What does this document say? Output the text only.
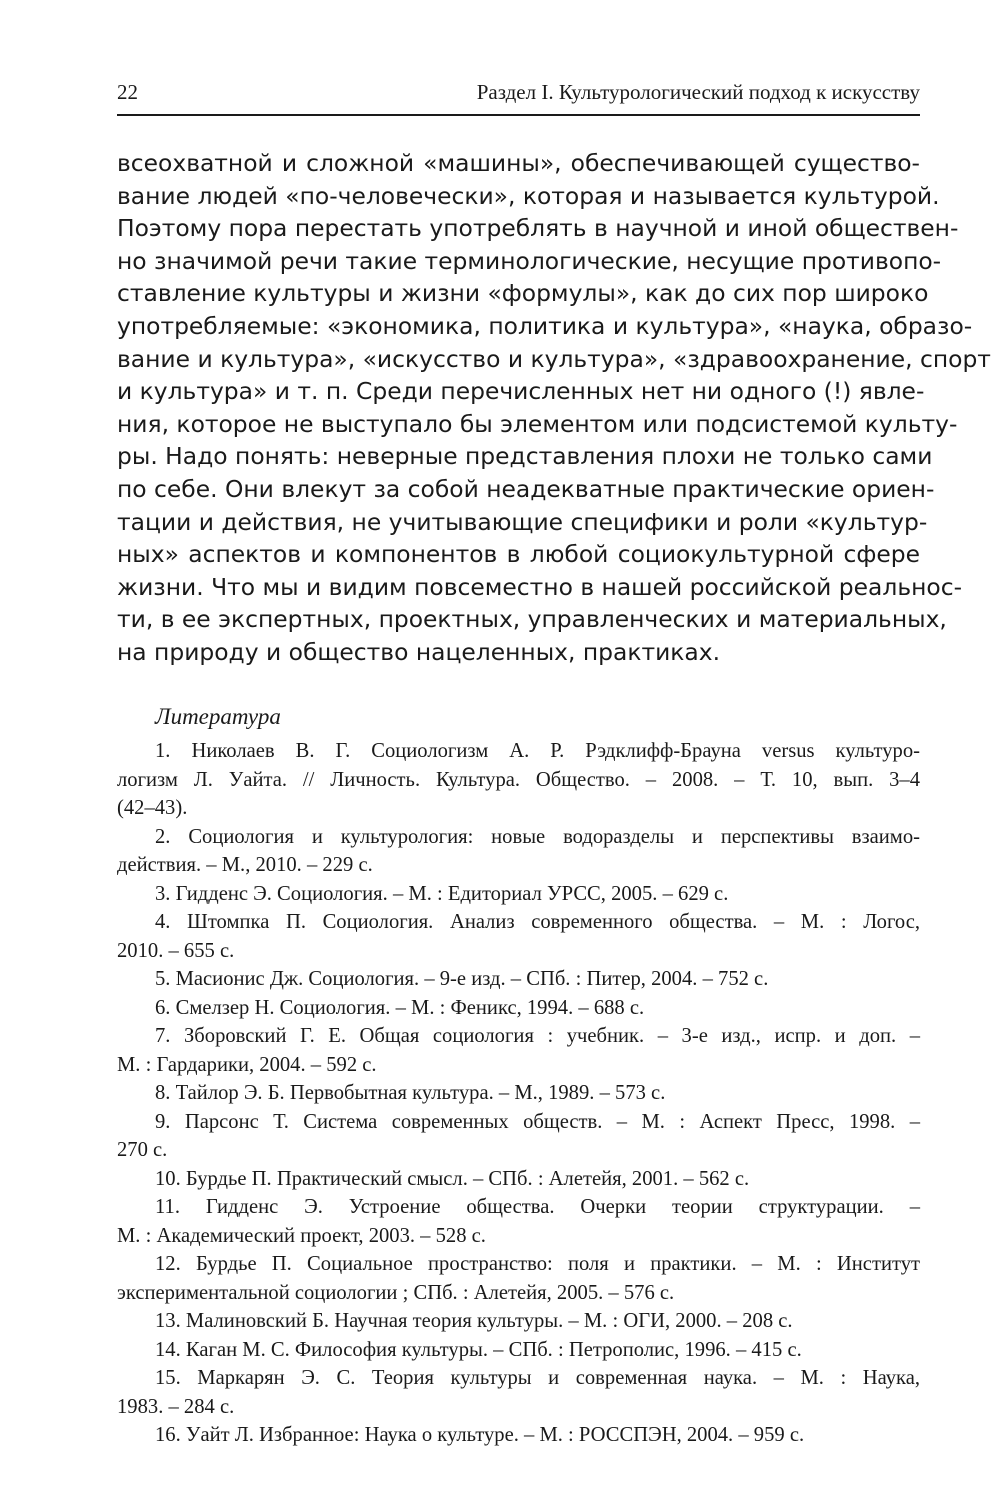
22	Раздел I. Культурологический подход к искусству
всеохватной и сложной «машины», обеспечивающей существо-
вание людей «по-человечески», которая и называется культурой.
Поэтому пора перестать употреблять в научной и иной обществен-
но значимой речи такие терминологические, несущие противопо-
ставление культуры и жизни «формулы», как до сих пор широко
употребляемые: «экономика, политика и культура», «наука, образо-
вание и культура», «искусство и культура», «здравоохранение, спорт
и культура» и т. п. Среди перечисленных нет ни одного (!) явле-
ния, которое не выступало бы элементом или подсистемой культу-
ры. Надо понять: неверные представления плохи не только сами
по себе. Они влекут за собой неадекватные практические ориен-
тации и действия, не учитывающие специфики и роли «культур-
ных» аспектов и компонентов в любой социокультурной сфере
жизни. Что мы и видим повсеместно в нашей российской реальнос-
ти, в ее экспертных, проектных, управленческих и материальных,
на природу и общество нацеленных, практиках.
Литература
1. Николаев В. Г. Социологизм А. Р. Рэдклифф-Брауна versus культуро-
логизм Л. Уайта. // Личность. Культура. Общество. – 2008. – Т. 10, вып. 3–4
(42–43).
2. Социология и культурология: новые водоразделы и перспективы взаимо-
действия. – М., 2010. – 229 с.
3. Гидденс Э. Социология. – М. : Едиториал УРСС, 2005. – 629 с.
4. Штомпка П. Социология. Анализ современного общества. – М. : Логос,
2010. – 655 с.
5. Масионис Дж. Социология. – 9-е изд. – СПб. : Питер, 2004. – 752 с.
6. Смелзер Н. Социология. – М. : Феникс, 1994. – 688 с.
7. Зборовский Г. Е. Общая социология : учебник. – 3-е изд., испр. и доп. –
М. : Гардарики, 2004. – 592 с.
8. Тайлор Э. Б. Первобытная культура. – М., 1989. – 573 с.
9. Парсонс Т. Система современных обществ. – М. : Аспект Пресс, 1998. –
270 с.
10. Бурдье П. Практический смысл. – СПб. : Алетейя, 2001. – 562 с.
11. Гидденс Э. Устроение общества. Очерки теории структурации. –
М. : Академический проект, 2003. – 528 с.
12. Бурдье П. Социальное пространство: поля и практики. – М. : Институт
экспериментальной социологии ; СПб. : Алетейя, 2005. – 576 с.
13. Малиновский Б. Научная теория культуры. – М. : ОГИ, 2000. – 208 с.
14. Каган М. С. Философия культуры. – СПб. : Петрополис, 1996. – 415 с.
15. Маркарян Э. С. Теория культуры и современная наука. – М. : Наука,
1983. – 284 с.
16. Уайт Л. Избранное: Наука о культуре. – М. : РОССПЭН, 2004. – 959 с.
